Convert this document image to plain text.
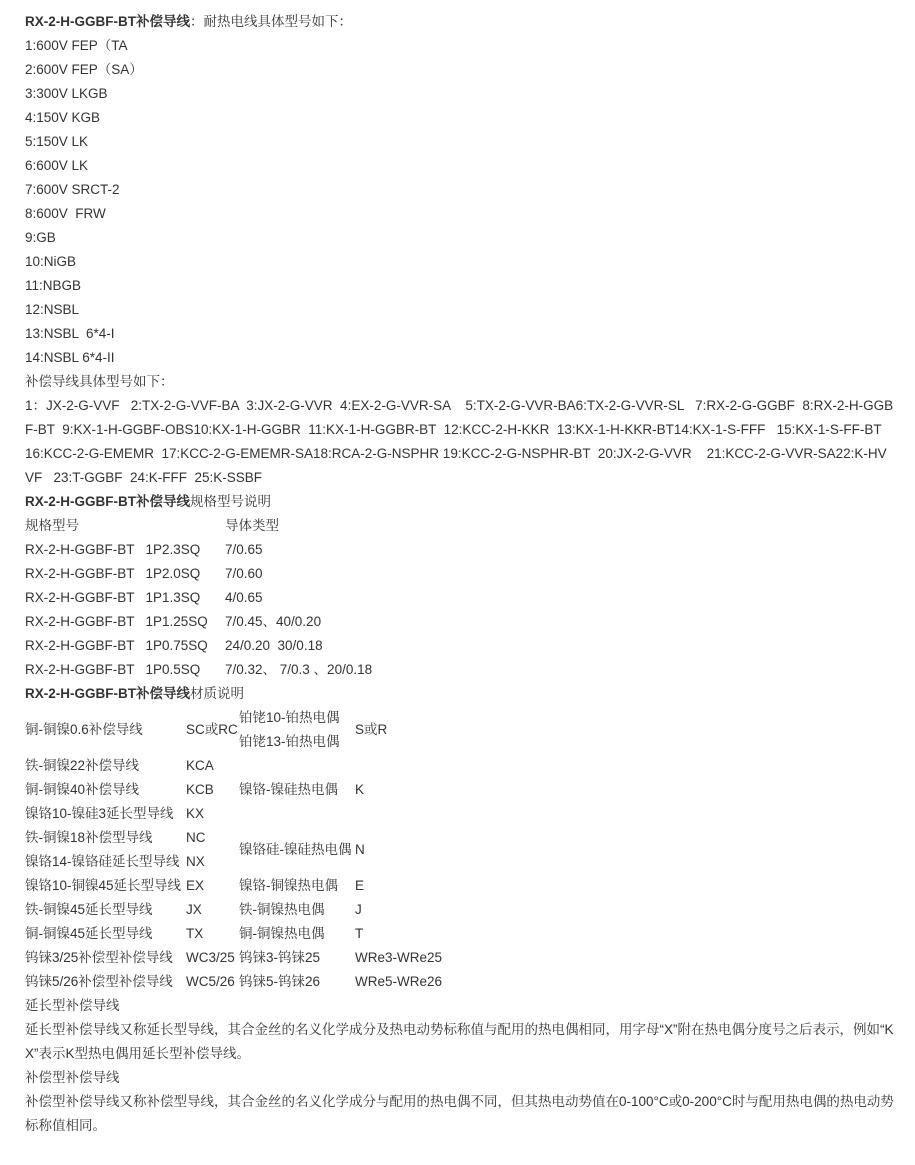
RX-2-H-GGBF-BT补偿导线：耐热电线具体型号如下：
1:600V FEP（TA
2:600V FEP（SA）
3:300V LKGB
4:150V KGB
5:150V LK
6:600V LK
7:600V SRCT-2
8:600V  FRW
9:GB
10:NiGB
11:NBGB
12:NSBL
13:NSBL  6*4-I
14:NSBL 6*4-II
补偿导线具体型号如下：
1：JX-2-G-VVF   2:TX-2-G-VVF-BA  3:JX-2-G-VVR  4:EX-2-G-VVR-SA    5:TX-2-G-VVR-BA6:TX-2-G-VVR-SL   7:RX-2-G-GGBF  8:RX-2-H-GGBF-BT  9:KX-1-H-GGBF-OBS10:KX-1-H-GGBR  11:KX-1-H-GGBR-BT  12:KCC-2-H-KKR  13:KX-1-H-KKR-BT14:KX-1-S-FFF   15:KX-1-S-FF-BT   16:KCC-2-G-EMEMR  17:KCC-2-G-EMEMR-SA18:RCA-2-G-NSPHR 19:KCC-2-G-NSPHR-BT  20:JX-2-G-VVR    21:KCC-2-G-VVR-SA22:K-HVVF   23:T-GGBF  24:K-FFF  25:K-SSBF
RX-2-H-GGBF-BT补偿导线规格型号说明
规格型号	导体类型
RX-2-H-GGBF-BT   1P2.3SQ	7/0.65
RX-2-H-GGBF-BT   1P2.0SQ	7/0.60
RX-2-H-GGBF-BT   1P1.3SQ	4/0.65
RX-2-H-GGBF-BT   1P1.25SQ	7/0.45、40/0.20
RX-2-H-GGBF-BT   1P0.75SQ	24/0.20  30/0.18
RX-2-H-GGBF-BT   1P0.5SQ	7/0.32、 7/0.3 、20/0.18
RX-2-H-GGBF-BT补偿导线材质说明
铜-铜镍0.6补偿导线	SC或RC	铂铑10-铂热电偶
铂铑13-铂热电偶	S或R
铁-铜镍22补偿导线	KCA		
铜-铜镍40补偿导线	KCB	镍铬-镍硅热电偶	K
镍铬10-镍硅3延长型导线	KX		
铁-铜镍18补偿型导线	NC	镍铬硅-镍硅热电偶	N
镍铬14-镍铬硅延长型导线	NX		
镍铬10-铜镍45延长型导线	EX	镍铬-铜镍热电偶	E
铁-铜镍45延长型导线	JX	铁-铜镍热电偶	J
铜-铜镍45延长型导线	TX	铜-铜镍热电偶	T
钨铼3/25补偿型补偿导线	WC3/25	钨铼3-钨铼25	WRe3-WRe25
钨铼5/26补偿型补偿导线	WC5/26	钨铼5-钨铼26	WRe5-WRe26
延长型补偿导线
延长型补偿导线又称延长型导线，其合金丝的名义化学成分及热电动势标称值与配用的热电偶相同，用字母“X”附在热电偶分度号之后表示，例如“KX”表示K型热电偶用延长型补偿导线。
补偿型补偿导线
补偿型补偿导线又称补偿型导线，其合金丝的名义化学成分与配用的热电偶不同，但其热电动势值在0-100°C或0-200°C时与配用热电偶的热电动势标称值相同。
